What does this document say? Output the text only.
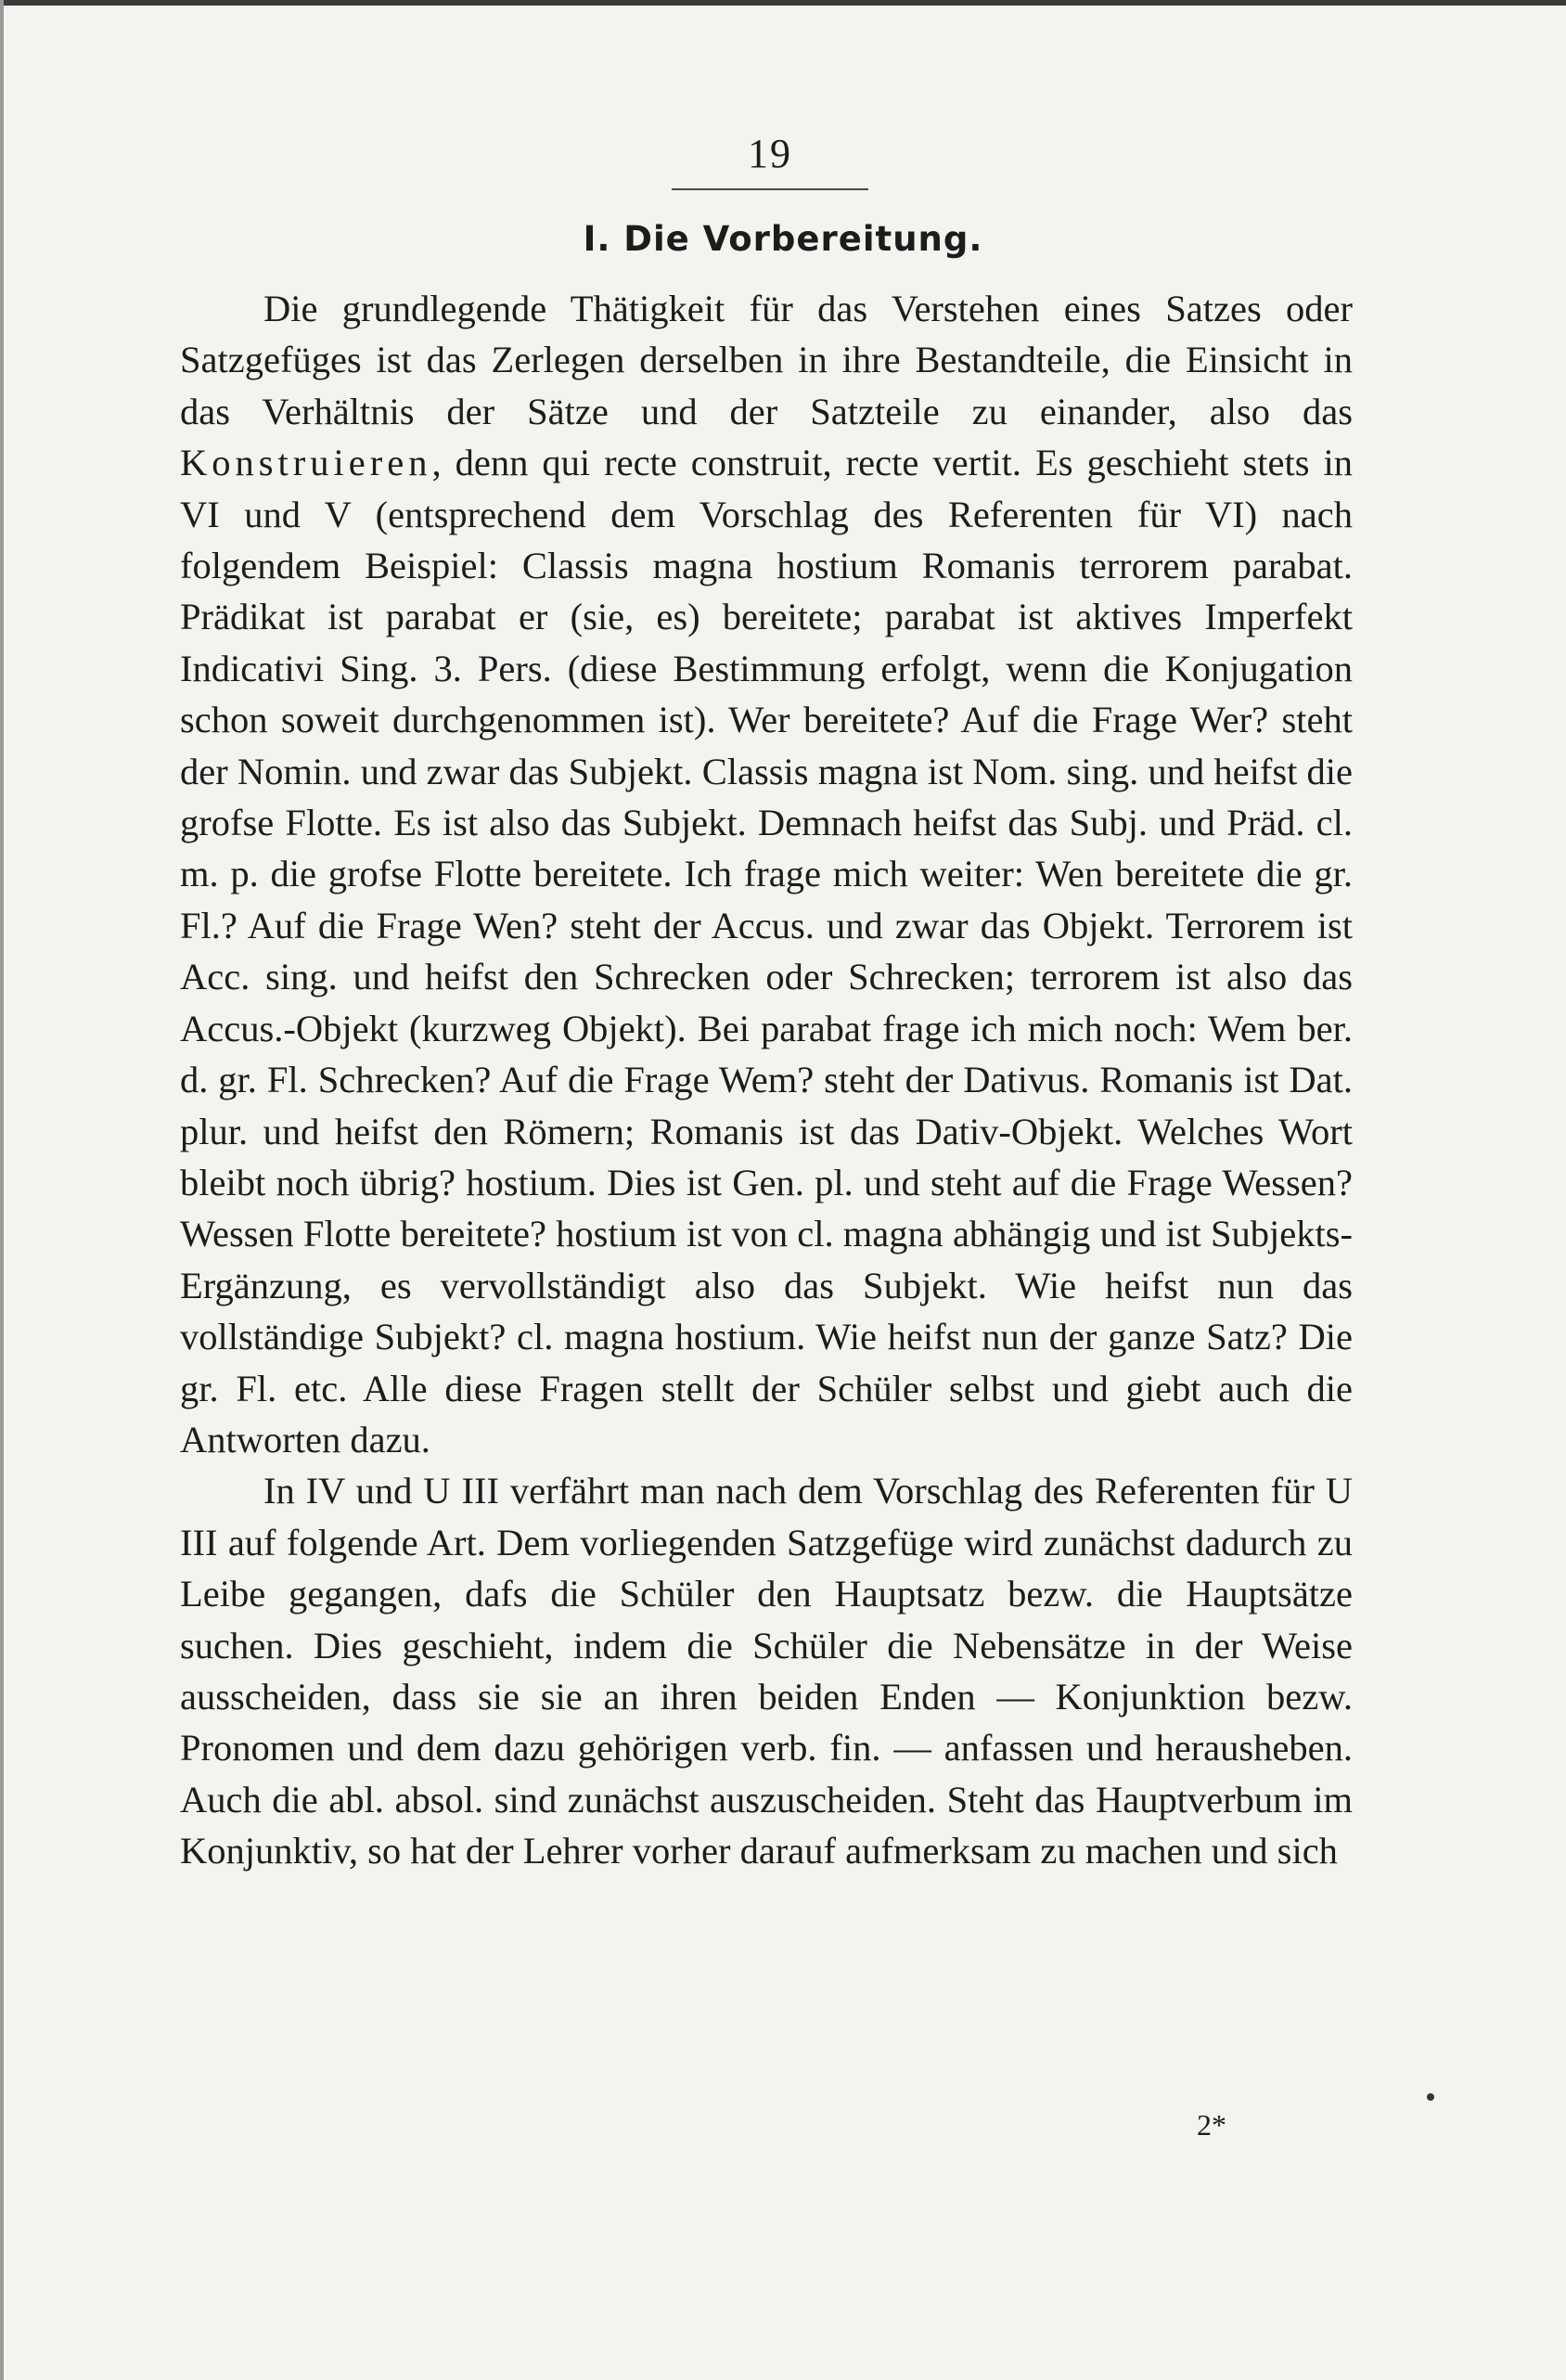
19
I. Die Vorbereitung.

Die grundlegende Thätigkeit für das Verstehen eines Satzes oder Satzgefüges ist das Zerlegen derselben in ihre Bestandteile, die Einsicht in das Verhältnis der Sätze und der Satzteile zu einander, also das Konstruieren, denn qui recte construit, recte vertit. Es geschieht stets in VI und V (entsprechend dem Vorschlag des Referenten für VI) nach folgendem Beispiel: Classis magna hostium Romanis terrorem parabat. Prädikat ist parabat er (sie, es) bereitete; parabat ist aktives Imperfekt Indicativi Sing. 3. Pers. (diese Bestimmung erfolgt, wenn die Konjugation schon soweit durchgenommen ist). Wer bereitete? Auf die Frage Wer? steht der Nomin. und zwar das Subjekt. Classis magna ist Nom. sing. und heifst die grofse Flotte. Es ist also das Subjekt. Demnach heifst das Subj. und Präd. cl. m. p. die grofse Flotte bereitete. Ich frage mich weiter: Wen bereitete die gr. Fl.? Auf die Frage Wen? steht der Accus. und zwar das Objekt. Terrorem ist Acc. sing. und heifst den Schrecken oder Schrecken; terrorem ist also das Accus.-Objekt (kurzweg Objekt). Bei parabat frage ich mich noch: Wem ber. d. gr. Fl. Schrecken? Auf die Frage Wem? steht der Dativus. Romanis ist Dat. plur. und heifst den Römern; Romanis ist das Dativ-Objekt. Welches Wort bleibt noch übrig? hostium. Dies ist Gen. pl. und steht auf die Frage Wessen? Wessen Flotte bereitete? hostium ist von cl. magna abhängig und ist Subjekts-Ergänzung, es vervollständigt also das Subjekt. Wie heifst nun das vollständige Subjekt? cl. magna hostium. Wie heifst nun der ganze Satz? Die gr. Fl. etc. Alle diese Fragen stellt der Schüler selbst und giebt auch die Antworten dazu.

In IV und U III verfährt man nach dem Vorschlag des Referenten für U III auf folgende Art. Dem vorliegenden Satzgefüge wird zunächst dadurch zu Leibe gegangen, dafs die Schüler den Hauptsatz bezw. die Hauptsätze suchen. Dies geschieht, indem die Schüler die Nebensätze in der Weise ausscheiden, dass sie sie an ihren beiden Enden — Konjunktion bezw. Pronomen und dem dazu gehörigen verb. fin. — anfassen und herausheben. Auch die abl. absol. sind zunächst auszuscheiden. Steht das Hauptverbum im Konjunktiv, so hat der Lehrer vorher darauf aufmerksam zu machen und sich

2*
